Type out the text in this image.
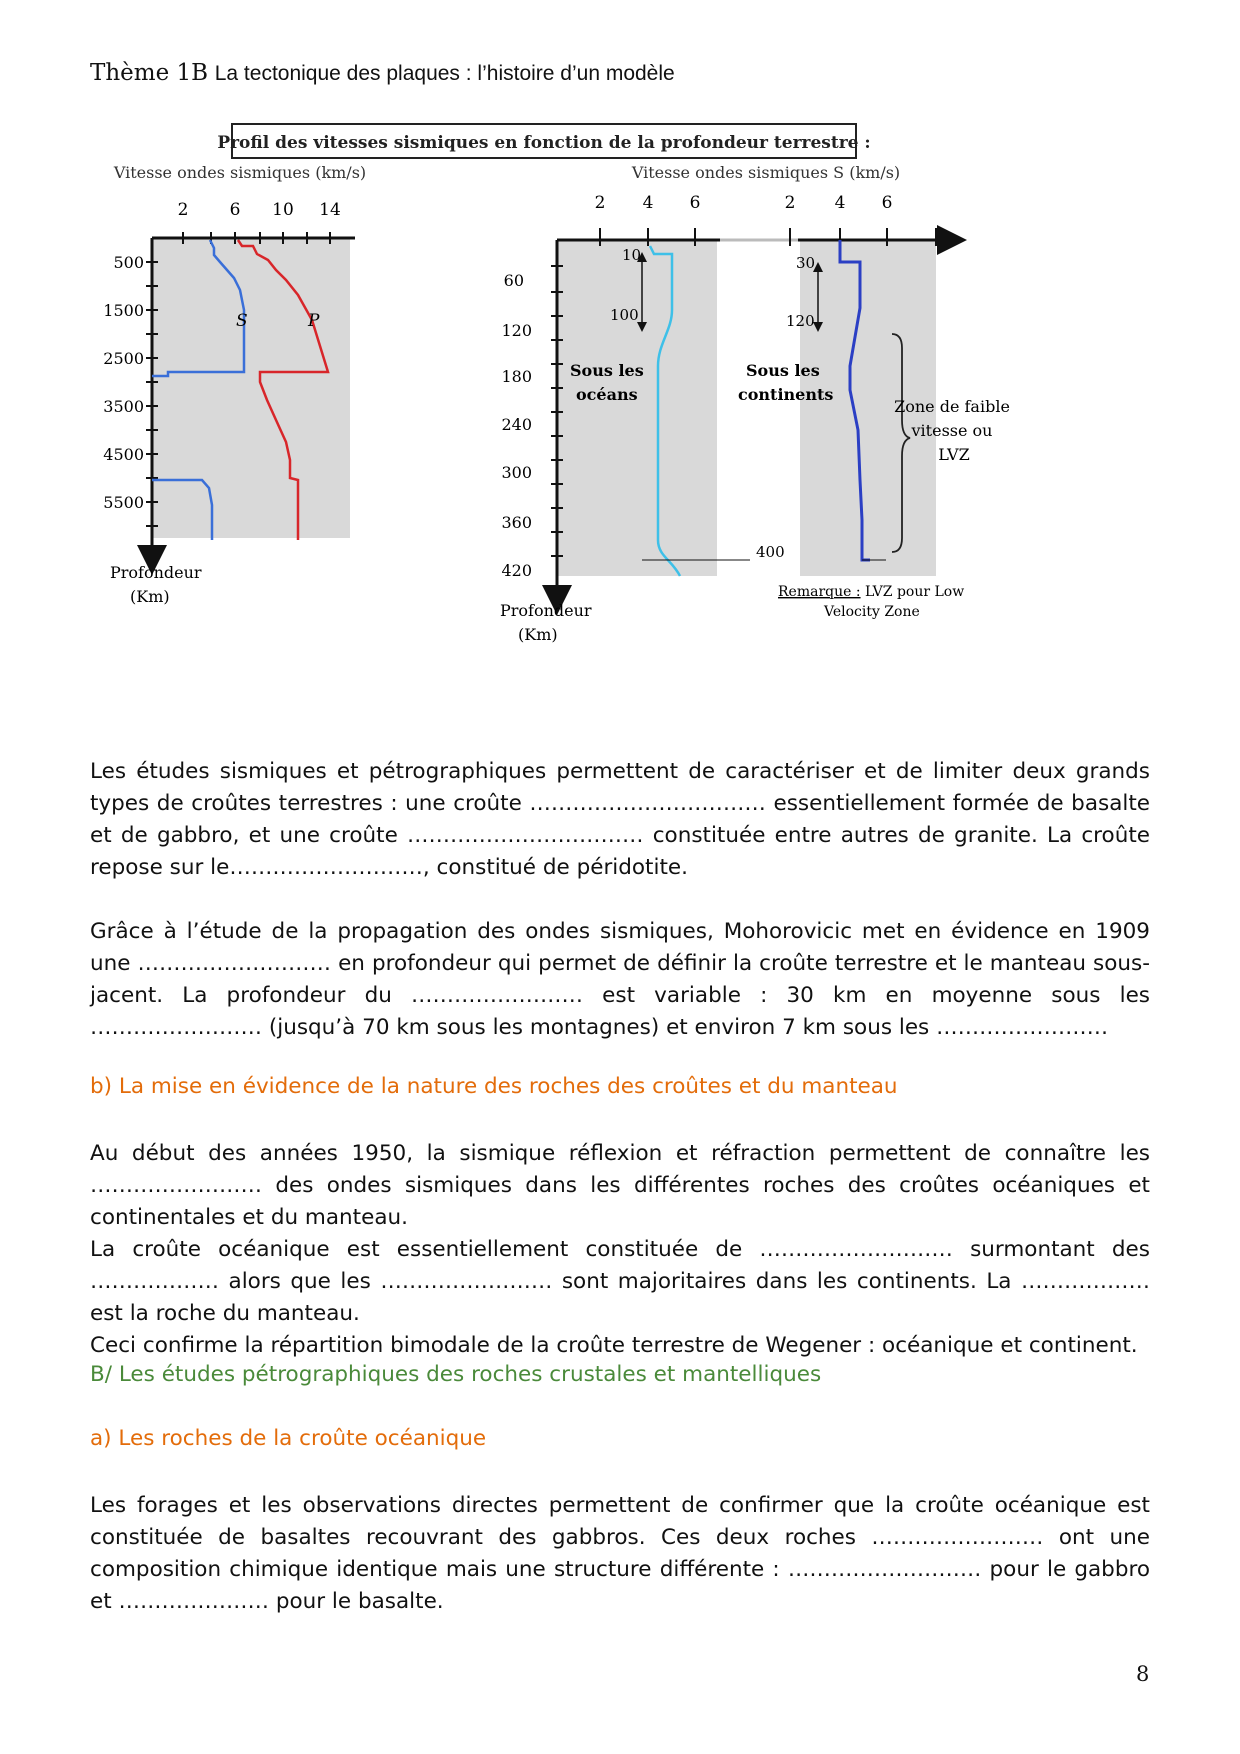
Thème 1B La tectonique des plaques : l’histoire d’un modèle
Profil des vitesses sismiques en fonction de la profondeur terrestre :
Vitesse ondes sismiques (km/s)
2 6 10 14
500
1500
2500
3500
4500
5500
S	P
Profondeur
(Km)
Vitesse ondes sismiques S (km/s)
2 4 6	2 4 6
60
120
180
240
300
360
420
10
100
Sous les
océans
30
120
Sous les
continents
400
Zone de faible
vitesse ou
LVZ
Remarque : LVZ pour Low
Velocity Zone
Profondeur
(Km)

Les études sismiques et pétrographiques permettent de caractériser et de limiter deux grands types de croûtes terrestres : une croûte …………………………… essentiellement formée de basalte et de gabbro, et une croûte …………………………… constituée entre autres de granite. La croûte repose sur le………………………, constitué de péridotite.

Grâce à l’étude de la propagation des ondes sismiques, Mohorovicic met en évidence en 1909 une ……………………… en profondeur qui permet de définir la croûte terrestre et le manteau sous-jacent. La profondeur du …………………… est variable : 30 km en moyenne sous les …………………… (jusqu’à 70 km sous les montagnes) et environ 7 km sous les ……………………

b) La mise en évidence de la nature des roches des croûtes et du manteau

Au début des années 1950, la sismique réflexion et réfraction permettent de connaître les …………………… des ondes sismiques dans les différentes roches des croûtes océaniques et continentales et du manteau.

La croûte océanique est essentiellement constituée de ……………………… surmontant des ……………… alors que les …………………… sont majoritaires dans les continents. La ……………… est la roche du manteau.

Ceci confirme la répartition bimodale de la croûte terrestre de Wegener : océanique et continent.

B/ Les études pétrographiques des roches crustales et mantelliques
a) Les roches de la croûte océanique

Les forages et les observations directes permettent de confirmer que la croûte océanique est constituée de basaltes recouvrant des gabbros. Ces deux roches …………………… ont une composition chimique identique mais une structure différente : ……………………… pour le gabbro et ………………… pour le basalte.

8
